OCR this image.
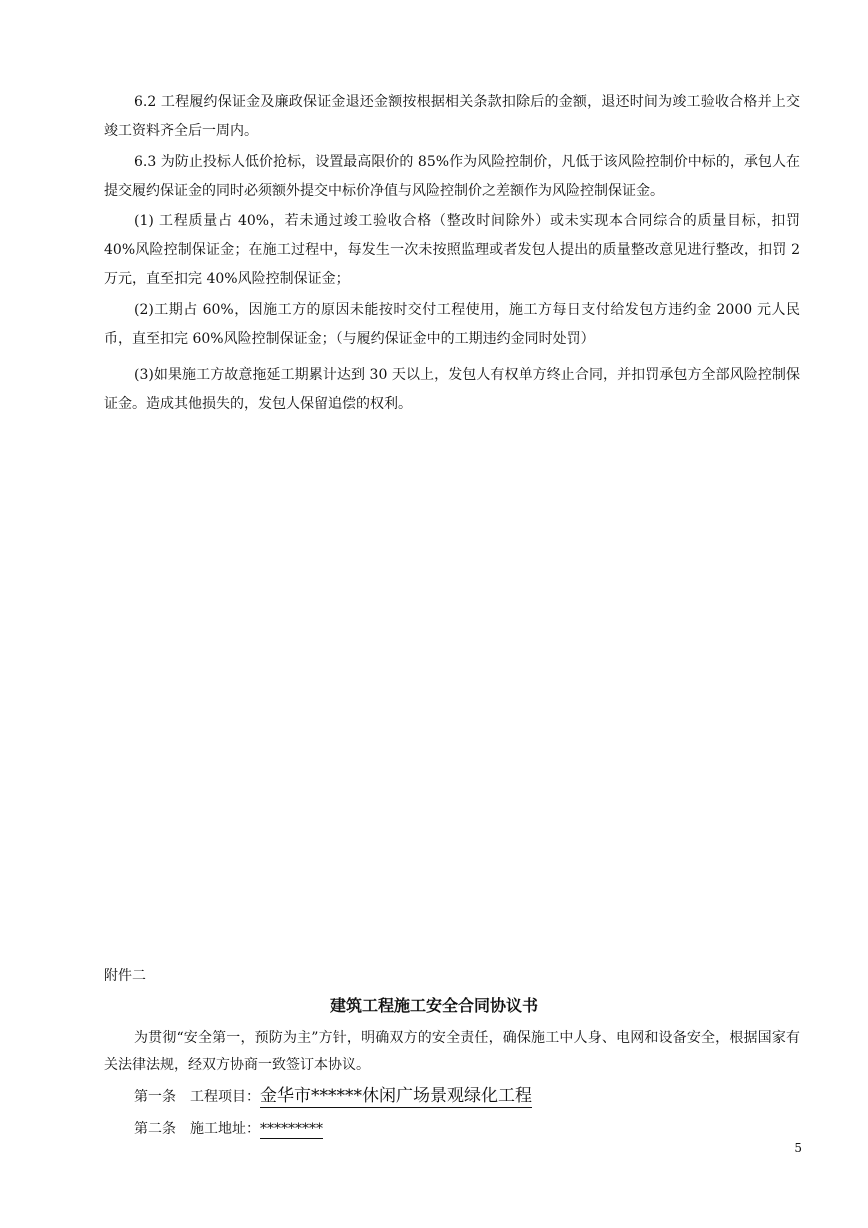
6.2 工程履约保证金及廉政保证金退还金额按根据相关条款扣除后的金额，退还时间为竣工验收合格并上交竣工资料齐全后一周内。

6.3 为防止投标人低价抢标，设置最高限价的 85%作为风险控制价，凡低于该风险控制价中标的，承包人在提交履约保证金的同时必须额外提交中标价净值与风险控制价之差额作为风险控制保证金。

(1) 工程质量占 40%，若未通过竣工验收合格（整改时间除外）或未实现本合同综合的质量目标，扣罚 40%风险控制保证金；在施工过程中，每发生一次未按照监理或者发包人提出的质量整改意见进行整改，扣罚 2 万元，直至扣完 40%风险控制保证金；

(2)工期占 60%，因施工方的原因未能按时交付工程使用，施工方每日支付给发包方违约金 2000 元人民币，直至扣完 60%风险控制保证金；（与履约保证金中的工期违约金同时处罚）

(3)如果施工方故意拖延工期累计达到 30 天以上，发包人有权单方终止合同，并扣罚承包方全部风险控制保证金。造成其他损失的，发包人保留追偿的权利。

附件二

建筑工程施工安全合同协议书

为贯彻“安全第一，预防为主”方针，明确双方的安全责任，确保施工中人身、电网和设备安全，根据国家有关法律法规，经双方协商一致签订本协议。

第一条 工程项目：金华市******休闲广场景观绿化工程

第二条 施工地址：*********

5
